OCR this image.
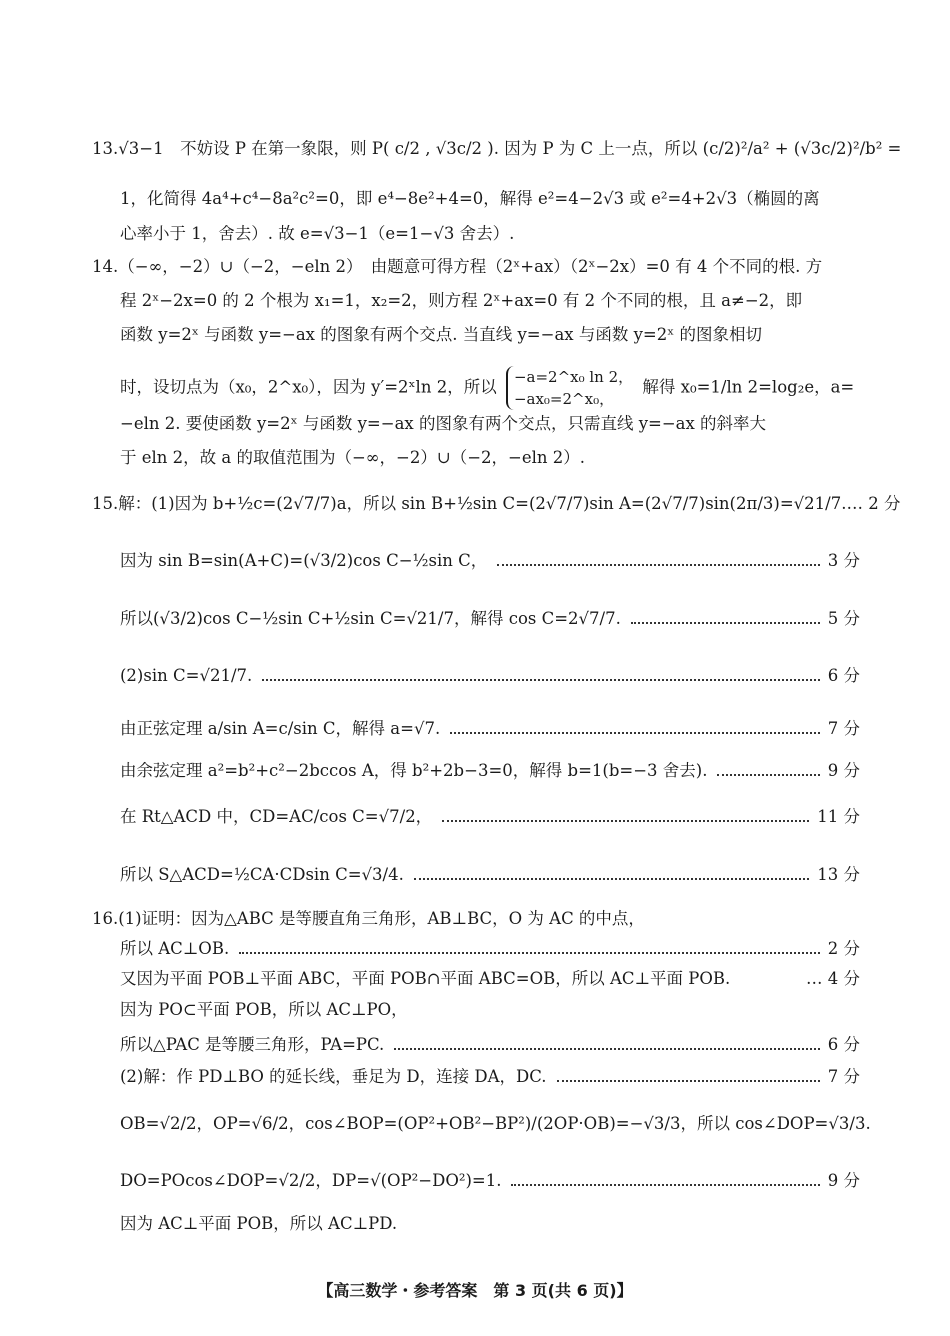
13.√3−1　不妨设 P 在第一象限，则 P( c/2 , √3c/2 ). 因为 P 为 C 上一点，所以 (c/2)²/a² + (√3c/2)²/b² =
1，化简得 4a⁴+c⁴−8a²c²=0，即 e⁴−8e²+4=0，解得 e²=4−2√3 或 e²=4+2√3（椭圆的离
心率小于 1，舍去）. 故 e=√3−1（e=1−√3 舍去）.
14.（−∞，−2）∪（−2，−eln 2）　由题意可得方程（2ˣ+ax）（2ˣ−2x）=0 有 4 个不同的根. 方
程 2ˣ−2x=0 的 2 个根为 x₁=1，x₂=2，则方程 2ˣ+ax=0 有 2 个不同的根，且 a≠−2，即
函数 y=2ˣ 与函数 y=−ax 的图象有两个交点. 当直线 y=−ax 与函数 y=2ˣ 的图象相切
时，设切点为（x₀，2^x₀），因为 y′=2ˣln 2，所以
−a=2^x₀ ln 2，
−ax₀=2^x₀，
解得 x₀=1/ln 2=log₂e，a=
−eln 2. 要使函数 y=2ˣ 与函数 y=−ax 的图象有两个交点，只需直线 y=−ax 的斜率大
于 eln 2，故 a 的取值范围为（−∞，−2）∪（−2，−eln 2）.
15.解：(1)因为 b+½c=(2√7/7)a，所以 sin B+½sin C=(2√7/7)sin A=(2√7/7)sin(2π/3)=√21/7. … 2 分
因为 sin B=sin(A+C)=(√3/2)cos C−½sin C，	3 分
所以(√3/2)cos C−½sin C+½sin C=√21/7，解得 cos C=2√7/7.	5 分
(2)sin C=√21/7.	6 分
由正弦定理 a/sin A=c/sin C，解得 a=√7.	7 分
由余弦定理 a²=b²+c²−2bccos A，得 b²+2b−3=0，解得 b=1(b=−3 舍去).	9 分
在 Rt△ACD 中，CD=AC/cos C=√7/2，	11 分
所以 S△ACD=½CA·CDsin C=√3/4.	13 分
16.(1)证明：因为△ABC 是等腰直角三角形，AB⊥BC，O 为 AC 的中点，
所以 AC⊥OB.	2 分
又因为平面 POB⊥平面 ABC，平面 POB∩平面 ABC=OB，所以 AC⊥平面 POB.	… 4 分
因为 PO⊂平面 POB，所以 AC⊥PO，
所以△PAC 是等腰三角形，PA=PC.	6 分
(2)解：作 PD⊥BO 的延长线，垂足为 D，连接 DA，DC.	7 分
OB=√2/2，OP=√6/2，cos∠BOP=(OP²+OB²−BP²)/(2OP·OB)=−√3/3，所以 cos∠DOP=√3/3.
DO=POcos∠DOP=√2/2，DP=√(OP²−DO²)=1.	9 分
因为 AC⊥平面 POB，所以 AC⊥PD.
【高三数学・参考答案　第 3 页(共 6 页)】
